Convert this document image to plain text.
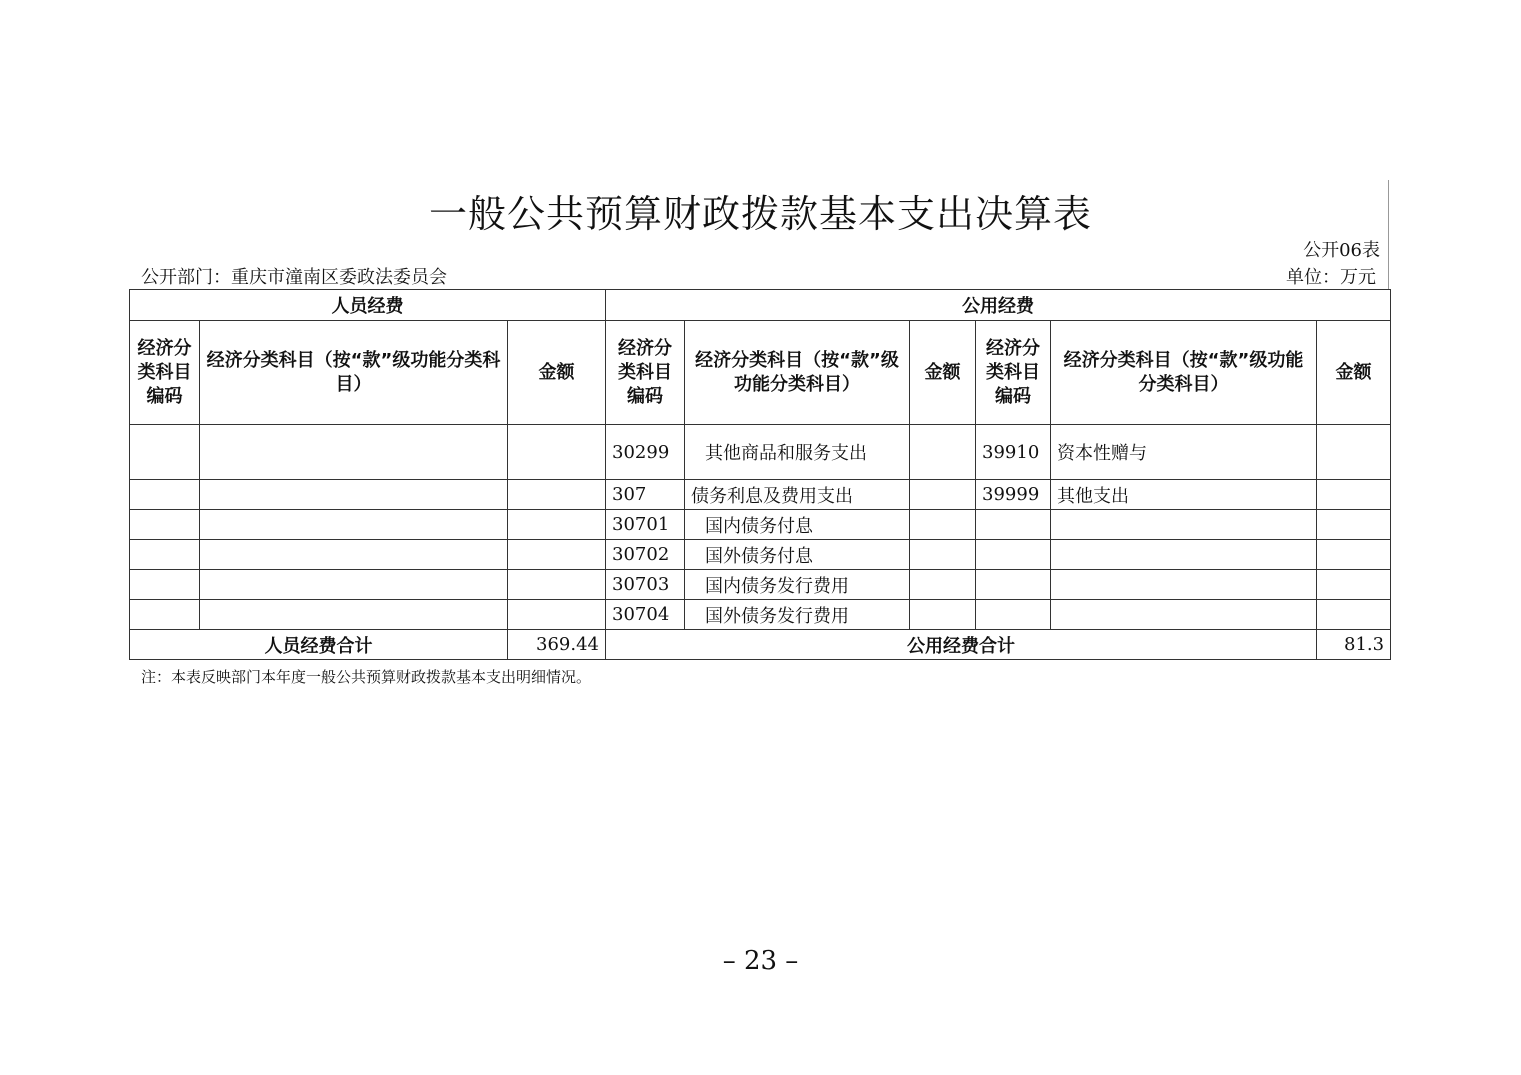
一般公共预算财政拨款基本支出决算表
公开06表
公开部门：重庆市潼南区委政法委员会	单位：万元
人员经费			公用经费					
经济分类科目编码	经济分类科目（按“款”级功能分类科目）	金额	经济分类科目编码	经济分类科目（按“款”级功能分类科目）	金额	经济分类科目编码	经济分类科目（按“款”级功能分类科目）	金额
			30299	其他商品和服务支出		39910	资本性赠与	
			307	债务利息及费用支出		39999	其他支出	
			30701	国内债务付息				
			30702	国外债务付息				
			30703	国内债务发行费用				
			30704	国外债务发行费用				
人员经费合计		369.44	公用经费合计					81.3
注：本表反映部门本年度一般公共预算财政拨款基本支出明细情况。
– 23 –
